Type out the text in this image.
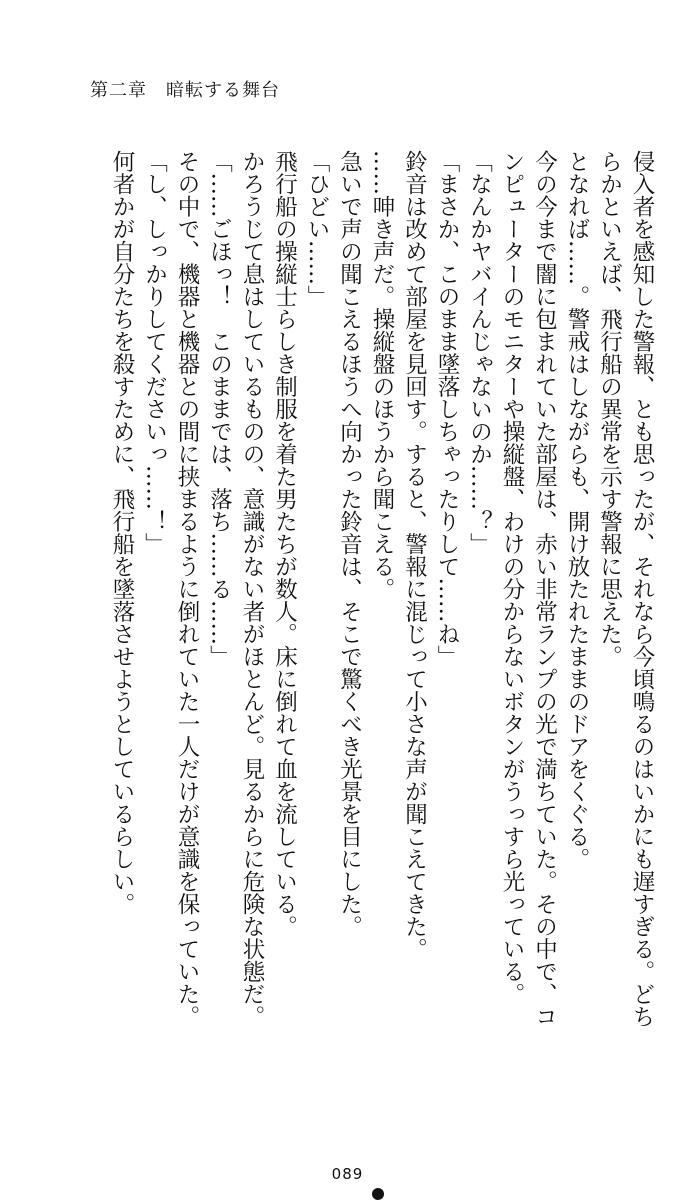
第二章　暗転する舞台
侵入者を感知した警報、とも思ったが、それなら今頃鳴るのはいかにも遅すぎる。どち
らかといえば、飛行船の異常を示す警報に思えた。
となれば……。警戒はしながらも、開け放たれたままのドアをくぐる。
今の今まで闇に包まれていた部屋は、赤い非常ランプの光で満ちていた。その中で、コ
ンピューターのモニターや操縦盤、わけの分からないボタンがうっすら光っている。
「なんかヤバイんじゃないのか……？」
「まさか、このまま墜落しちゃったりして……ね」
鈴音は改めて部屋を見回す。すると、警報に混じって小さな声が聞こえてきた。
……呻き声だ。操縦盤のほうから聞こえる。
急いで声の聞こえるほうへ向かった鈴音は、そこで驚くべき光景を目にした。
「ひどい……」
飛行船の操縦士らしき制服を着た男たちが数人。床に倒れて血を流している。
かろうじて息はしているものの、意識がない者がほとんど。見るからに危険な状態だ。
「……ごほっ！　このままでは、落ち……る……」
その中で、機器と機器との間に挟まるように倒れていた一人だけが意識を保っていた。
「し、しっかりしてくださいっ……！」
何者かが自分たちを殺すために、飛行船を墜落させようとしているらしい。
089
